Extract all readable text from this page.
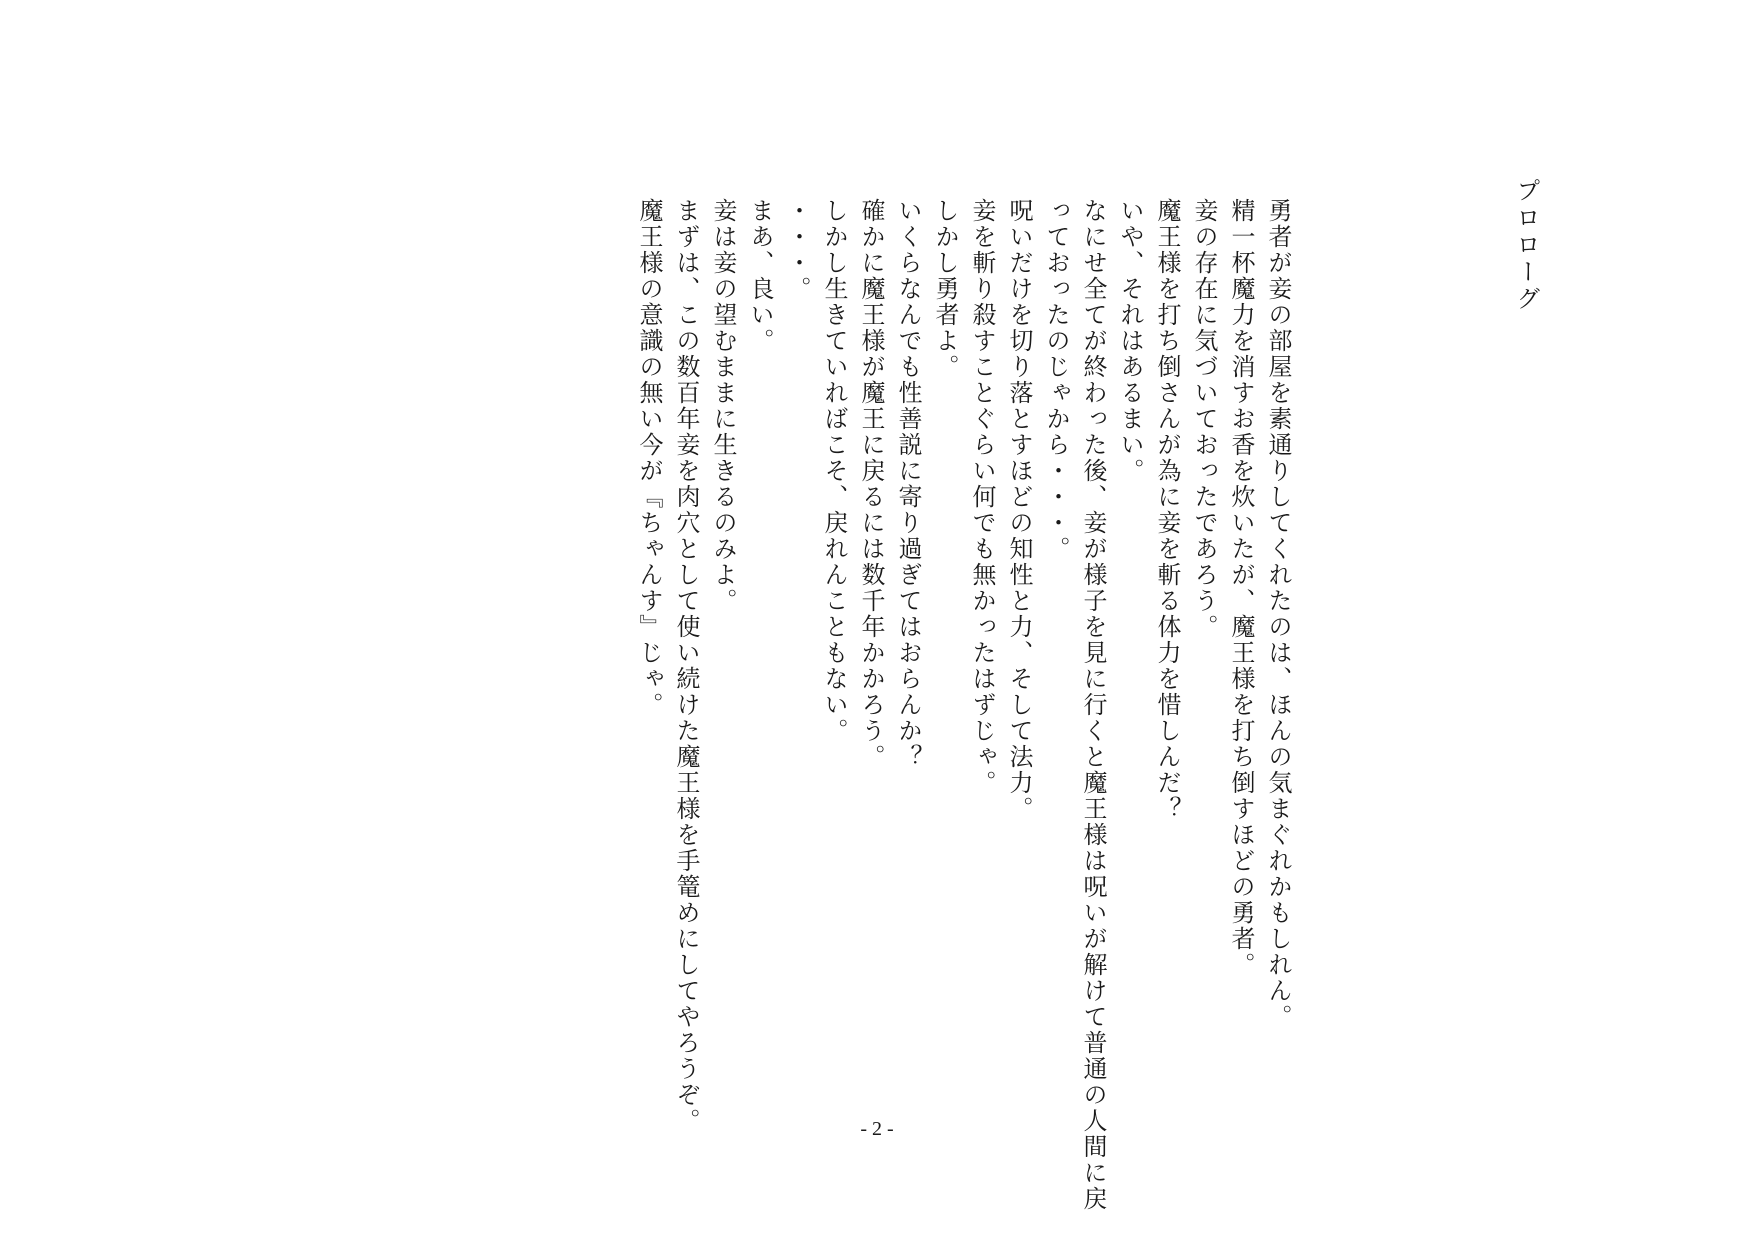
プロローグ
勇者が妾の部屋を素通りしてくれたのは、ほんの気まぐれかもしれん。
精一杯魔力を消すお香を炊いたが、魔王様を打ち倒すほどの勇者。
妾の存在に気づいておったであろう。
魔王様を打ち倒さんが為に妾を斬る体力を惜しんだ？
いや、それはあるまい。
なにせ全てが終わった後、妾が様子を見に行くと魔王様は呪いが解けて普通の人間に戻
っておったのじゃから・・・。
呪いだけを切り落とすほどの知性と力、そして法力。
妾を斬り殺すことぐらい何でも無かったはずじゃ。
しかし勇者よ。
いくらなんでも性善説に寄り過ぎてはおらんか？
確かに魔王様が魔王に戻るには数千年かかろう。
しかし生きていればこそ、戻れんこともない。
・・・。
まあ、良い。
妾は妾の望むままに生きるのみよ。
まずは、この数百年妾を肉穴として使い続けた魔王様を手篭めにしてやろうぞ。
魔王様の意識の無い今が『ちゃんす』じゃ。
- 2 -
